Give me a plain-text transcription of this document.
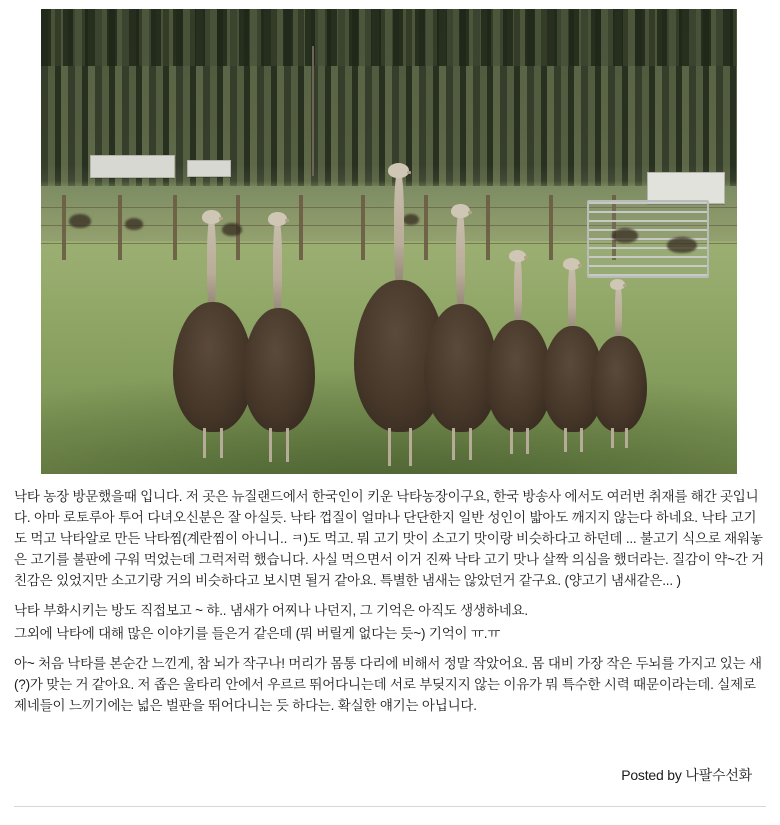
낙타 농장 방문했을때 입니다. 저 곳은 뉴질랜드에서 한국인이 키운 낙타농장이구요, 한국 방송사 에서도 여러번 취재를 해간 곳입니다. 아마 로토루아 투어 다녀오신분은 잘 아실듯. 낙타 껍질이 얼마나 단단한지 일반 성인이 밟아도 깨지지 않는다 하네요. 낙타 고기도 먹고 낙타알로 만든 낙타찜(계란찜이 아니니.. ㅋ)도 먹고. 뭐 고기 맛이 소고기 맛이랑 비슷하다고 하던데 ... 불고기 식으로 재워놓은 고기를 불판에 구워 먹었는데 그럭저럭 했습니다. 사실 먹으면서 이거 진짜 낙타 고기 맛나 살짝 의심을 했더라는. 질감이 약~간 거친감은 있었지만 소고기랑 거의 비슷하다고 보시면 될거 같아요. 특별한 냄새는 않았던거 같구요. (양고기 냄새같은... )

낙타 부화시키는 방도 직접보고 ~ 햐.. 냄새가 어찌나 나던지, 그 기억은 아직도 생생하네요.

그외에 낙타에 대해 많은 이야기를 들은거 같은데 (뭐 버릴게 없다는 듯~) 기억이 ㅠ.ㅠ

아~ 처음 낙타를 본순간 느낀게, 참 뇌가 작구나! 머리가 몸통 다리에 비해서 정말 작았어요. 몸 대비 가장 작은 두뇌를 가지고 있는 새(?)가 맞는 거 같아요. 저 좁은 울타리 안에서 우르르 뛰어다니는데 서로 부딪지지 않는 이유가 뭐 특수한 시력 때문이라는데. 실제로 제네들이 느끼기에는 넓은 벌판을 뛰어다니는 듯 하다는. 확실한 얘기는 아닙니다.

Posted by 나팔수선화
